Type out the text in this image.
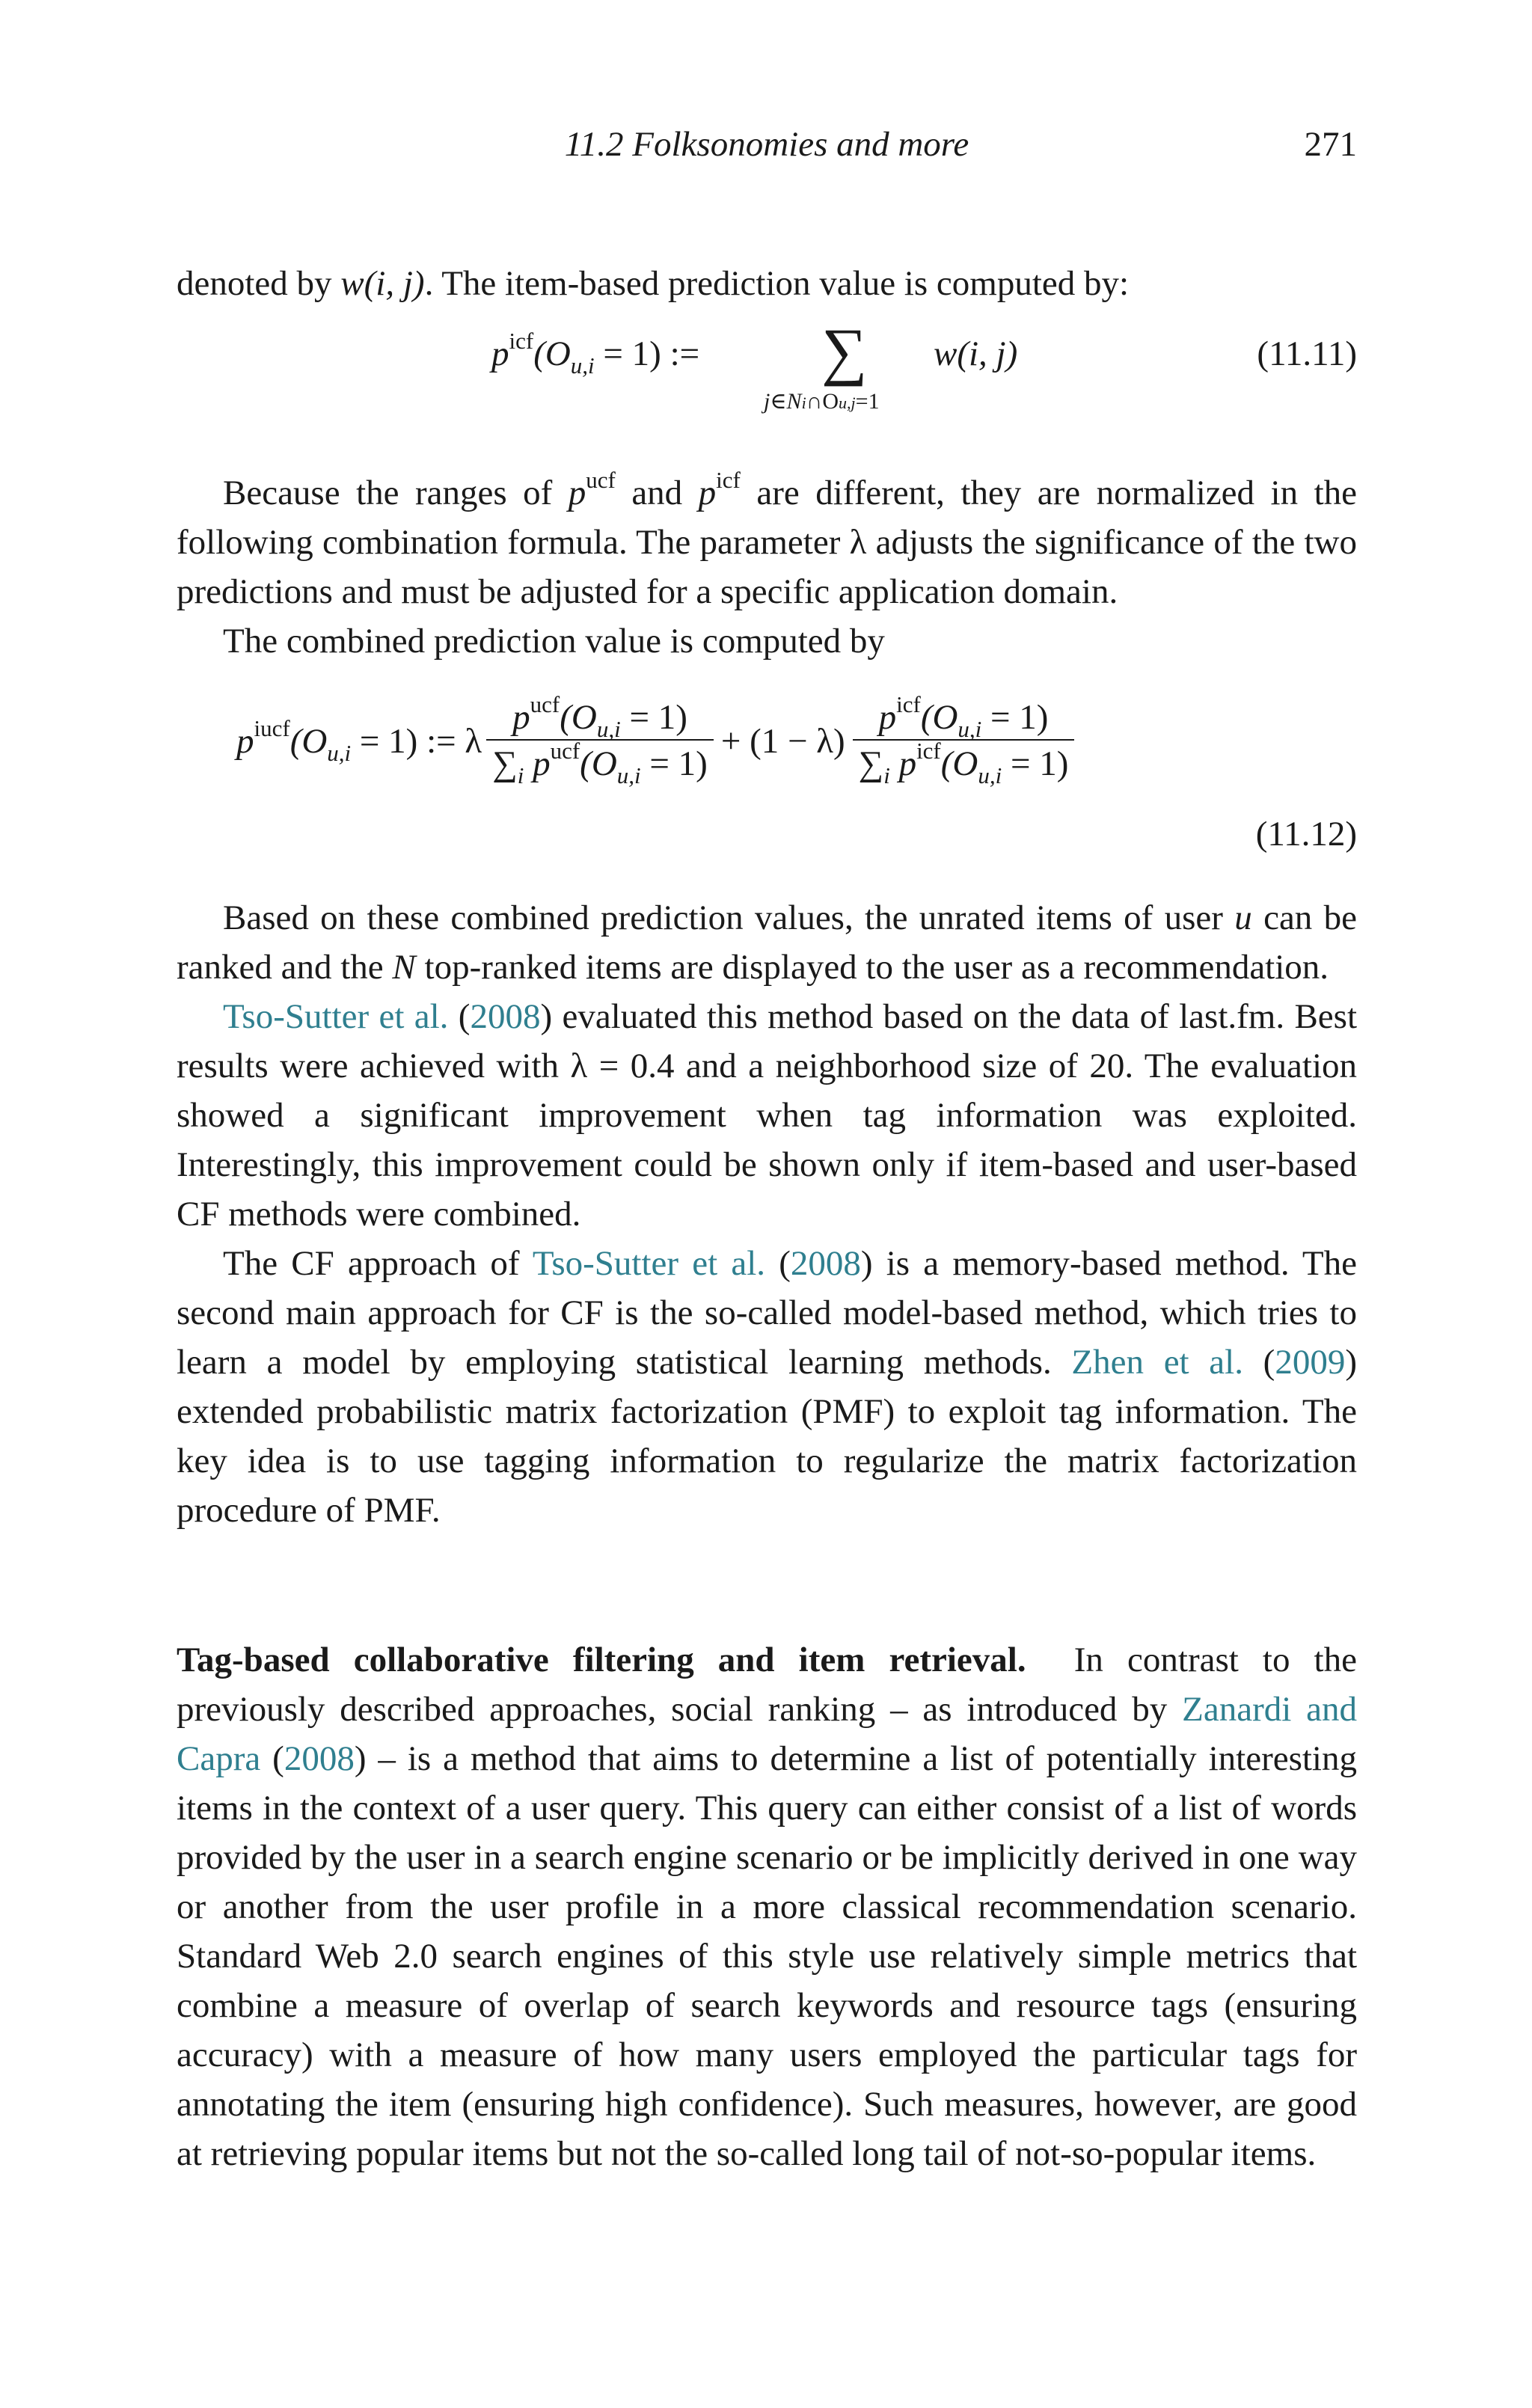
11.2 Folksonomies and more	271

denoted by w(i, j). The item-based prediction value is computed by:

$p^{icf}(O_{u,i} = 1)$ := ∑
j∈Ni∩Ou,j=1
w(i, j)	(11.11)

Because the ranges of $p^{ucf}$ and $p^{icf}$ are different, they are normalized in the following combination formula. The parameter λ adjusts the significance of the two predictions and must be adjusted for a specific application domain.

The combined prediction value is computed by

$p^{iucf}(O_{u,i} = 1)$ := λ $\frac{p^{ucf}(O_{u,i} = 1)}{\sum_i p^{ucf}(O_{u,i} = 1)} + (1 - \lambda) \frac{p^{icf}(O_{u,i} = 1)}{\sum_i p^{icf}(O_{u,i} = 1)}$
(11.12)

Based on these combined prediction values, the unrated items of user u can be ranked and the N top-ranked items are displayed to the user as a recommendation.

Tso-Sutter et al. (2008) evaluated this method based on the data of last.fm. Best results were achieved with λ = 0.4 and a neighborhood size of 20. The evaluation showed a significant improvement when tag information was exploited. Interestingly, this improvement could be shown only if item-based and user-based CF methods were combined.

The CF approach of Tso-Sutter et al. (2008) is a memory-based method. The second main approach for CF is the so-called model-based method, which tries to learn a model by employing statistical learning methods. Zhen et al. (2009) extended probabilistic matrix factorization (PMF) to exploit tag information. The key idea is to use tagging information to regularize the matrix factorization procedure of PMF.

Tag-based collaborative filtering and item retrieval.  In contrast to the previously described approaches, social ranking – as introduced by Zanardi and Capra (2008) – is a method that aims to determine a list of potentially interesting items in the context of a user query. This query can either consist of a list of words provided by the user in a search engine scenario or be implicitly derived in one way or another from the user profile in a more classical recommendation scenario. Standard Web 2.0 search engines of this style use relatively simple metrics that combine a measure of overlap of search keywords and resource tags (ensuring accuracy) with a measure of how many users employed the particular tags for annotating the item (ensuring high confidence). Such measures, however, are good at retrieving popular items but not the so-called long tail of not-so-popular items.
